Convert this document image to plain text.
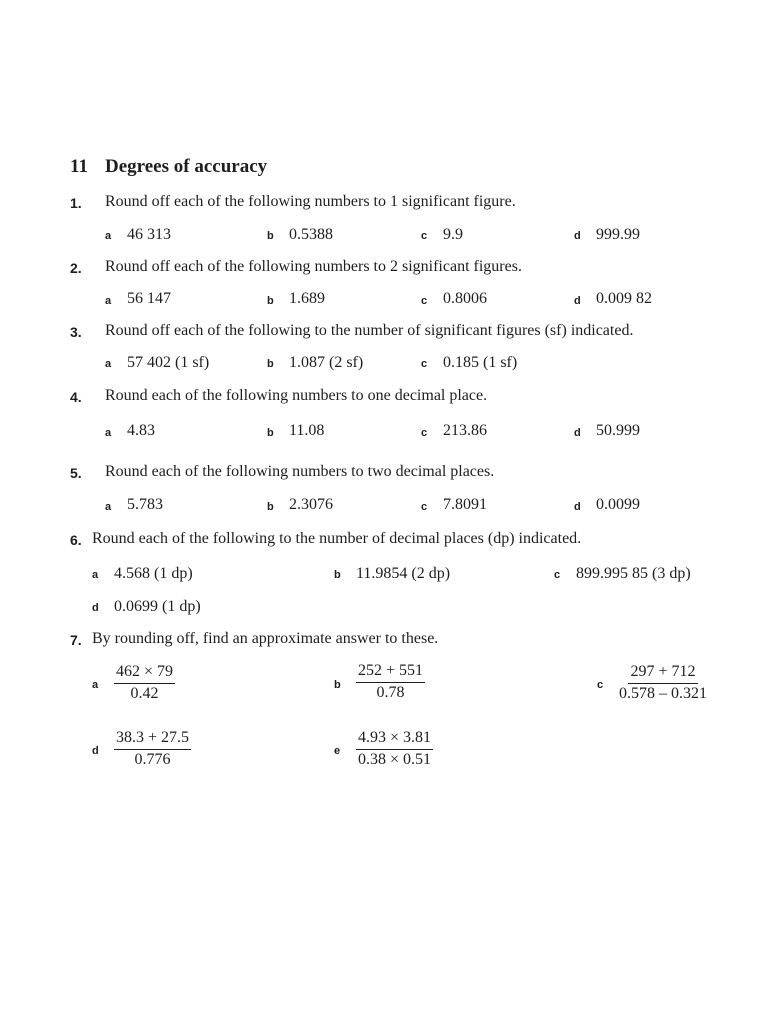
11 Degrees of accuracy
1. Round off each of the following numbers to 1 significant figure.
a 46 313	b 0.5388	c 9.9	d 999.99
2. Round off each of the following numbers to 2 significant figures.
a 56 147	b 1.689	c 0.8006	d 0.009 82
3. Round off each of the following to the number of significant figures (sf) indicated.
a 57 402 (1 sf)	b 1.087 (2 sf)	c 0.185 (1 sf)
4. Round each of the following numbers to one decimal place.
a 4.83	b 11.08	c 213.86	d 50.999
5. Round each of the following numbers to two decimal places.
a 5.783	b 2.3076	c 7.8091	d 0.0099
6. Round each of the following to the number of decimal places (dp) indicated.
a 4.568 (1 dp)	b 11.9854 (2 dp)	c 899.995 85 (3 dp)
d 0.0699 (1 dp)
7. By rounding off, find an approximate answer to these.
a $\frac{462 \times 79}{0.42}$	b $\frac{252 + 551}{0.78}$	c $\frac{297 + 712}{0.578 - 0.321}$
d $\frac{38.3 + 27.5}{0.776}$	e $\frac{4.93 \times 3.81}{0.38 \times 0.51}$
